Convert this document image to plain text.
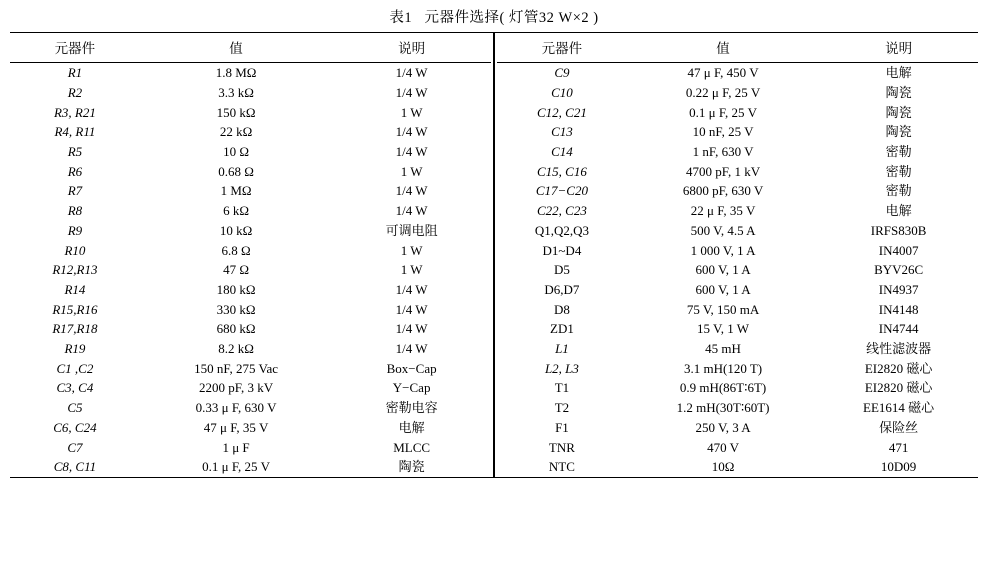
表1   元器件选择( 灯管32 W×2 )
元器件	值	说明
R1	1.8 MΩ	1/4 W
R2	3.3 kΩ	1/4 W
R3, R21	150 kΩ	1 W
R4, R11	22 kΩ	1/4 W
R5	10 Ω	1/4 W
R6	0.68 Ω	1 W
R7	1 MΩ	1/4 W
R8	6 kΩ	1/4 W
R9	10 kΩ	可调电阻
R10	6.8 Ω	1 W
R12,R13	47 Ω	1 W
R14	180 kΩ	1/4 W
R15,R16	330 kΩ	1/4 W
R17,R18	680 kΩ	1/4 W
R19	8.2 kΩ	1/4 W
C1 ,C2	150 nF, 275 Vac	Box−Cap
C3, C4	2200 pF, 3 kV	Y−Cap
C5	0.33 μ F, 630 V	密勒电容
C6, C24	47 μ F, 35 V	电解
C7	1 μ F	MLCC
C8, C11	0.1 μ F, 25 V	陶瓷
元器件	值	说明
C9	47 μ F, 450 V	电解
C10	0.22 μ F, 25 V	陶瓷
C12, C21	0.1 μ F, 25 V	陶瓷
C13	10 nF, 25 V	陶瓷
C14	1 nF, 630 V	密勒
C15, C16	4700 pF, 1 kV	密勒
C17−C20	6800 pF, 630 V	密勒
C22, C23	22 μ F, 35 V	电解
Q1,Q2,Q3	500 V, 4.5 A	IRFS830B
D1~D4	1 000 V, 1 A	IN4007
D5	600 V, 1 A	BYV26C
D6,D7	600 V, 1 A	IN4937
D8	75 V, 150 mA	IN4148
ZD1	15 V, 1 W	IN4744
L1	45 mH	线性滤波器
L2, L3	3.1 mH(120 T)	EI2820 磁心
T1	0.9 mH(86T∶6T)	EI2820 磁心
T2	1.2 mH(30T∶60T)	EE1614 磁心
F1	250 V, 3 A	保险丝
TNR	470 V	471
NTC	10Ω	10D09
